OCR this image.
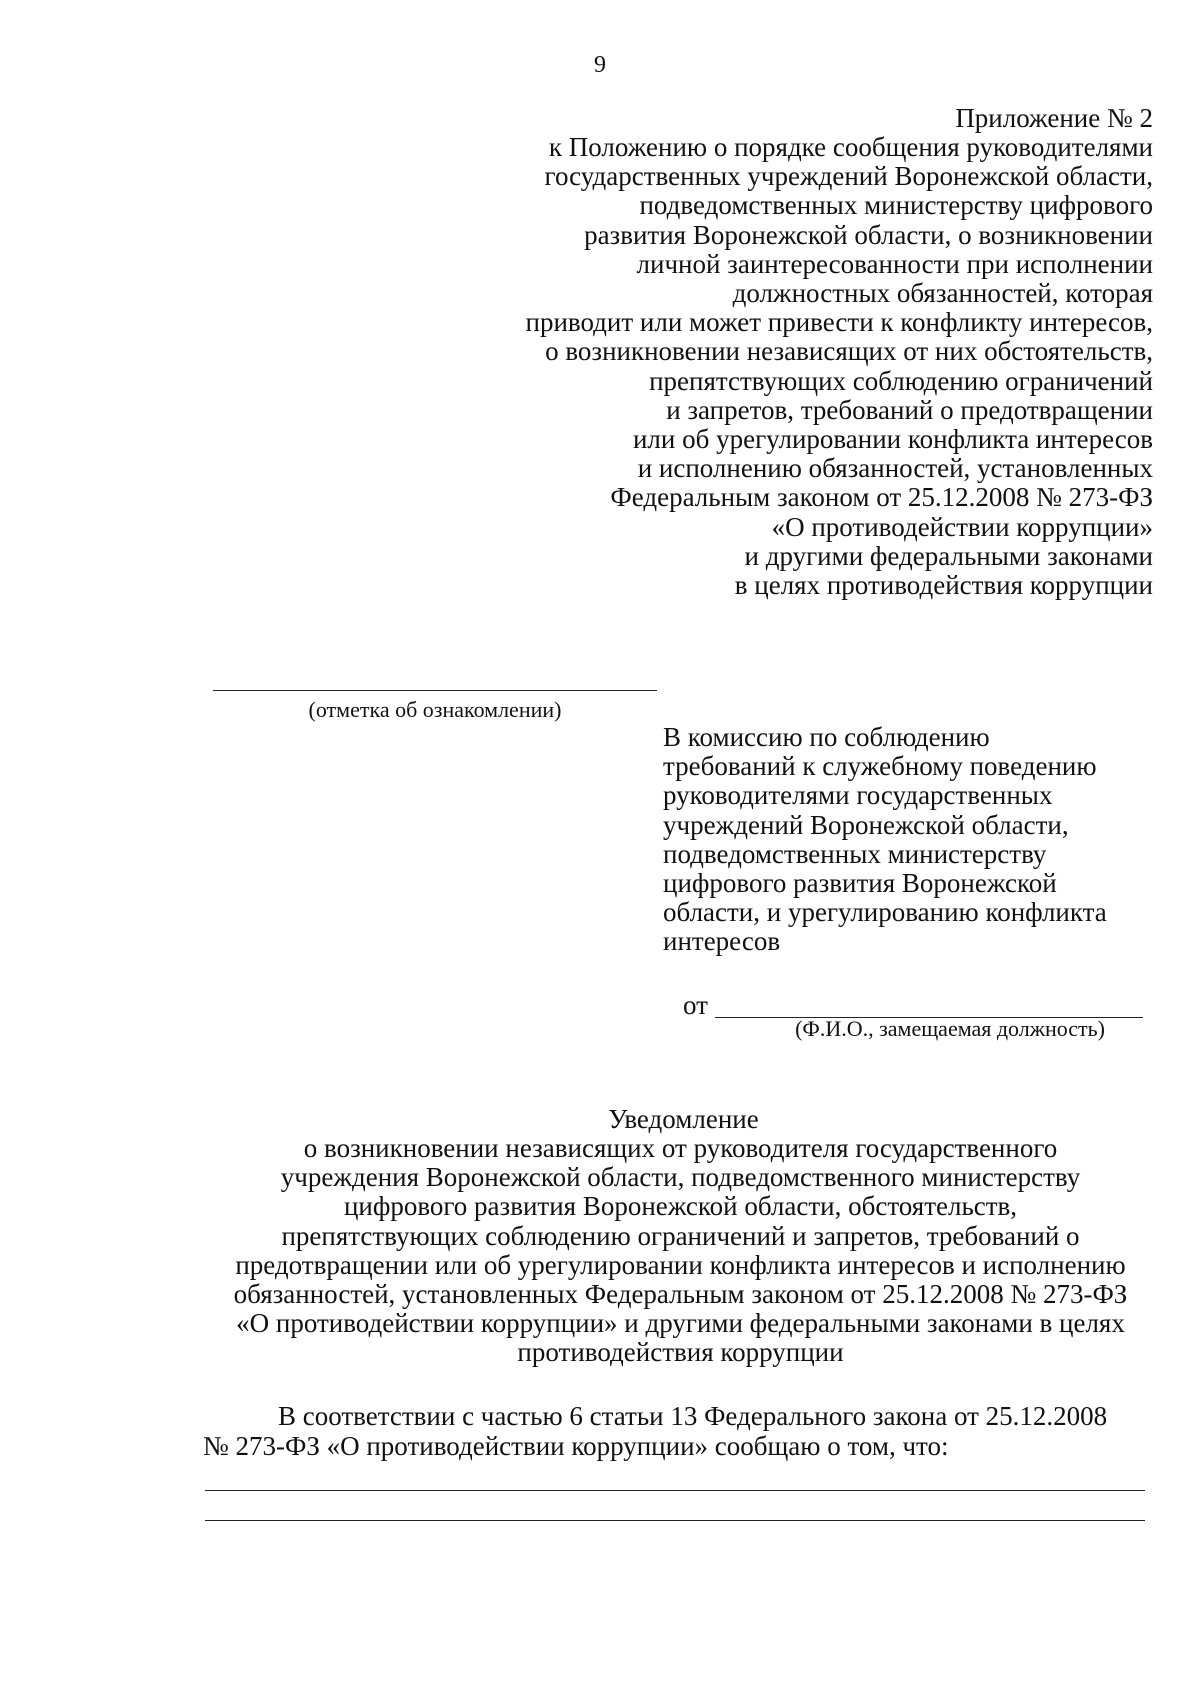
9
Приложение № 2
к Положению о порядке сообщения руководителями
государственных учреждений Воронежской области,
подведомственных министерству цифрового
развития Воронежской области, о возникновении
личной заинтересованности при исполнении
должностных обязанностей, которая
приводит или может привести к конфликту интересов,
о возникновении независящих от них обстоятельств,
препятствующих соблюдению ограничений
и запретов, требований о предотвращении
или об урегулировании конфликта интересов
и исполнению обязанностей, установленных
Федеральным законом от 25.12.2008 № 273-ФЗ
«О противодействии коррупции»
и другими федеральными законами
в целях противодействия коррупции
(отметка об ознакомлении)
В комиссию по соблюдению
требований к служебному поведению
руководителями государственных
учреждений Воронежской области,
подведомственных министерству
цифрового развития Воронежской
области, и урегулированию конфликта
интересов
от
(Ф.И.О., замещаемая должность)
Уведомление
о возникновении независящих от руководителя государственного
учреждения Воронежской области, подведомственного министерству
цифрового развития Воронежской области, обстоятельств,
препятствующих соблюдению ограничений и запретов, требований о
предотвращении или об урегулировании конфликта интересов и исполнению
обязанностей, установленных Федеральным законом от 25.12.2008 № 273-ФЗ
«О противодействии коррупции» и другими федеральными законами в целях
противодействия коррупции
В соответствии с частью 6 статьи 13 Федерального закона от 25.12.2008
№ 273-ФЗ «О противодействии коррупции» сообщаю о том, что:
